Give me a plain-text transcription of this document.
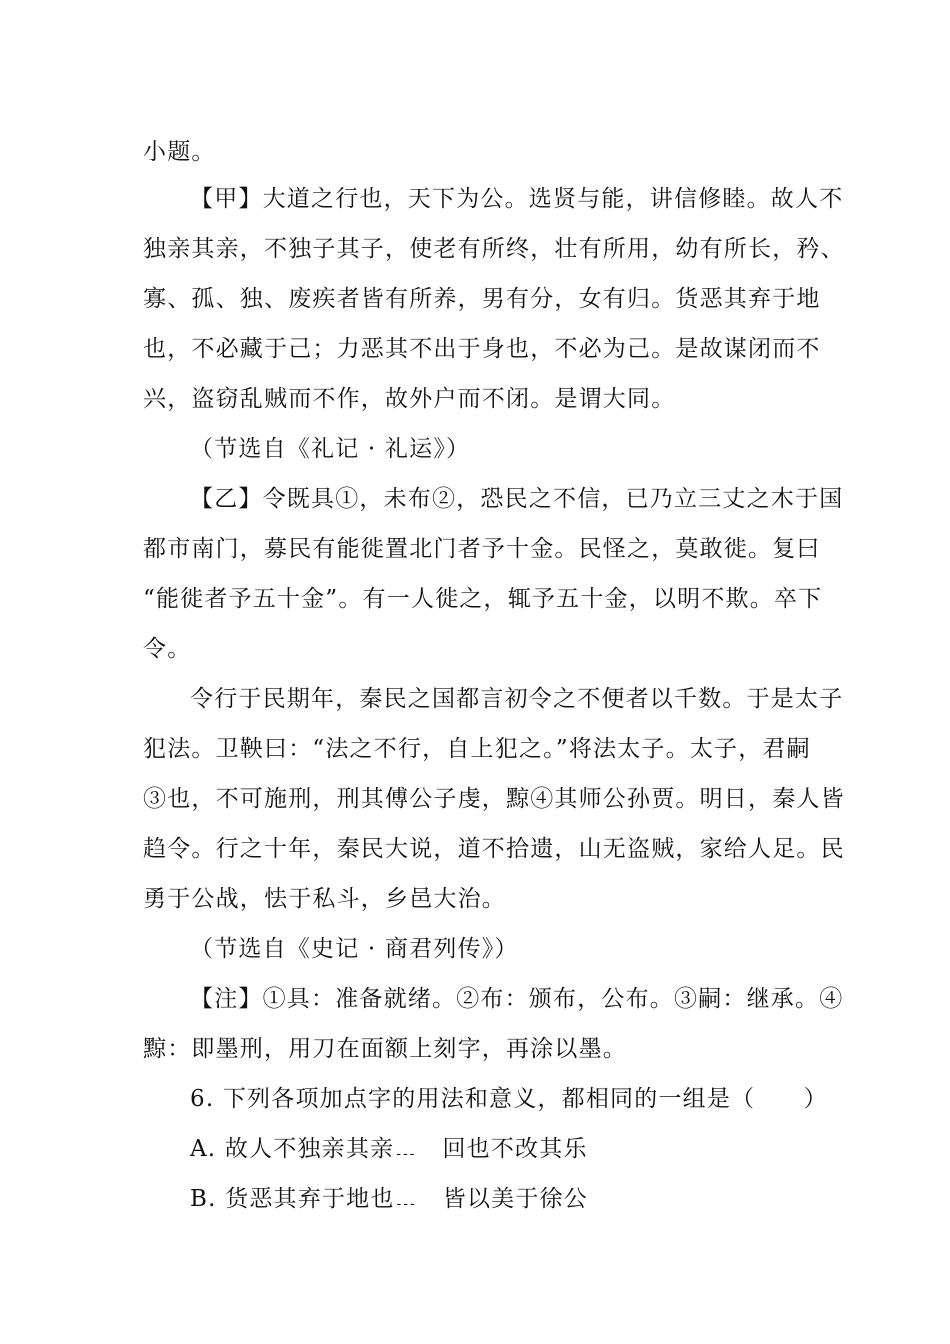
小题。
【甲】大道之行也，天下为公。选贤与能，讲信修睦。故人不
独亲其亲，不独子其子，使老有所终，壮有所用，幼有所长，矜、
寡、孤、独、废疾者皆有所养，男有分，女有归。货恶其弃于地
也，不必藏于己；力恶其不出于身也，不必为己。是故谋闭而不
兴，盗窃乱贼而不作，故外户而不闭。是谓大同。
（节选自《礼记 · 礼运》）
【乙】令既具①，未布②，恐民之不信，已乃立三丈之木于国
都市南门，募民有能徙置北门者予十金。民怪之，莫敢徙。复曰
“能徙者予五十金”。有一人徙之，辄予五十金，以明不欺。卒下
令。
令行于民期年，秦民之国都言初令之不便者以千数。于是太子
犯法。卫鞅曰：“法之不行，自上犯之。”将法太子。太子，君嗣
③也，不可施刑，刑其傅公子虔，黥④其师公孙贾。明日，秦人皆
趋令。行之十年，秦民大说，道不拾遗，山无盗贼，家给人足。民
勇于公战，怯于私斗，乡邑大治。
（节选自《史记 · 商君列传》）
【注】①具：准备就绪。②布：颁布，公布。③嗣：继承。④
黥：即墨刑，用刀在面额上刻字，再涂以墨。
6. 下列各项加点字的用法和意义，都相同的一组是（　　）
A. 故人不独亲其亲 --- 回也不改其乐
B. 货恶其弃于地也 --- 皆以美于徐公
